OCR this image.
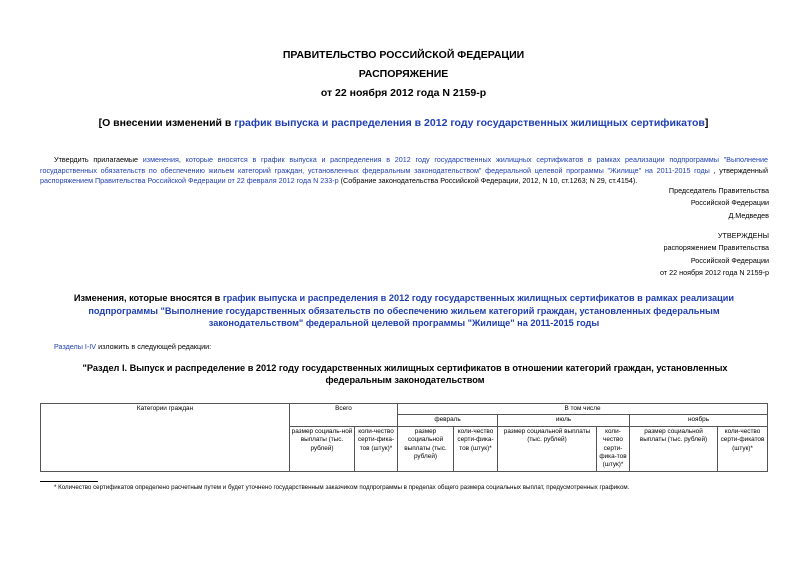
ПРАВИТЕЛЬСТВО РОССИЙСКОЙ ФЕДЕРАЦИИ
РАСПОРЯЖЕНИЕ
от 22 ноября 2012 года N 2159-р
[О внесении изменений в график выпуска и распределения в 2012 году государственных жилищных сертификатов]
Утвердить прилагаемые изменения, которые вносятся в график выпуска и распределения в 2012 году государственных жилищных сертификатов в рамках реализации подпрограммы "Выполнение государственных обязательств по обеспечению жильем категорий граждан, установленных федеральным законодательством" федеральной целевой программы "Жилище" на 2011-2015 годы , утвержденный распоряжением Правительства Российской Федерации от 22 февраля 2012 года N 233-р (Собрание законодательства Российской Федерации, 2012, N 10, ст.1263; N 29, ст.4154).
Председатель Правительства
Российской Федерации
Д.Медведев
УТВЕРЖДЕНЫ
распоряжением Правительства
Российской Федерации
от 22 ноября 2012 года N 2159-р
Изменения, которые вносятся в график выпуска и распределения в 2012 году государственных жилищных сертификатов в рамках реализации подпрограммы "Выполнение государственных обязательств по обеспечению жильем категорий граждан, установленных федеральным законодательством" федеральной целевой программы "Жилище" на 2011-2015 годы
Разделы I-IV изложить в следующей редакции:
"Раздел I. Выпуск и распределение в 2012 году государственных жилищных сертификатов в отношении категорий граждан, установленных федеральным законодательством
Категории граждан	Всего		В том числе					
			февраль		июль		ноябрь	
	размер социаль-ной выплаты (тыс. рублей)	коли-чество серти-фика-тов (штук)*	размер социальной выплаты (тыс. рублей)	коли-чество серти-фика-тов (штук)*	размер социальной выплаты (тыс. рублей)	коли-чество серти-фика-тов (штук)*	размер социальной выплаты (тыс. рублей)	коли-чество серти-фикатов (штук)*
* Количество сертификатов определено расчетным путем и будет уточнено государственным заказчиком подпрограммы в пределах общего размера социальных выплат, предусмотренных графиком.
